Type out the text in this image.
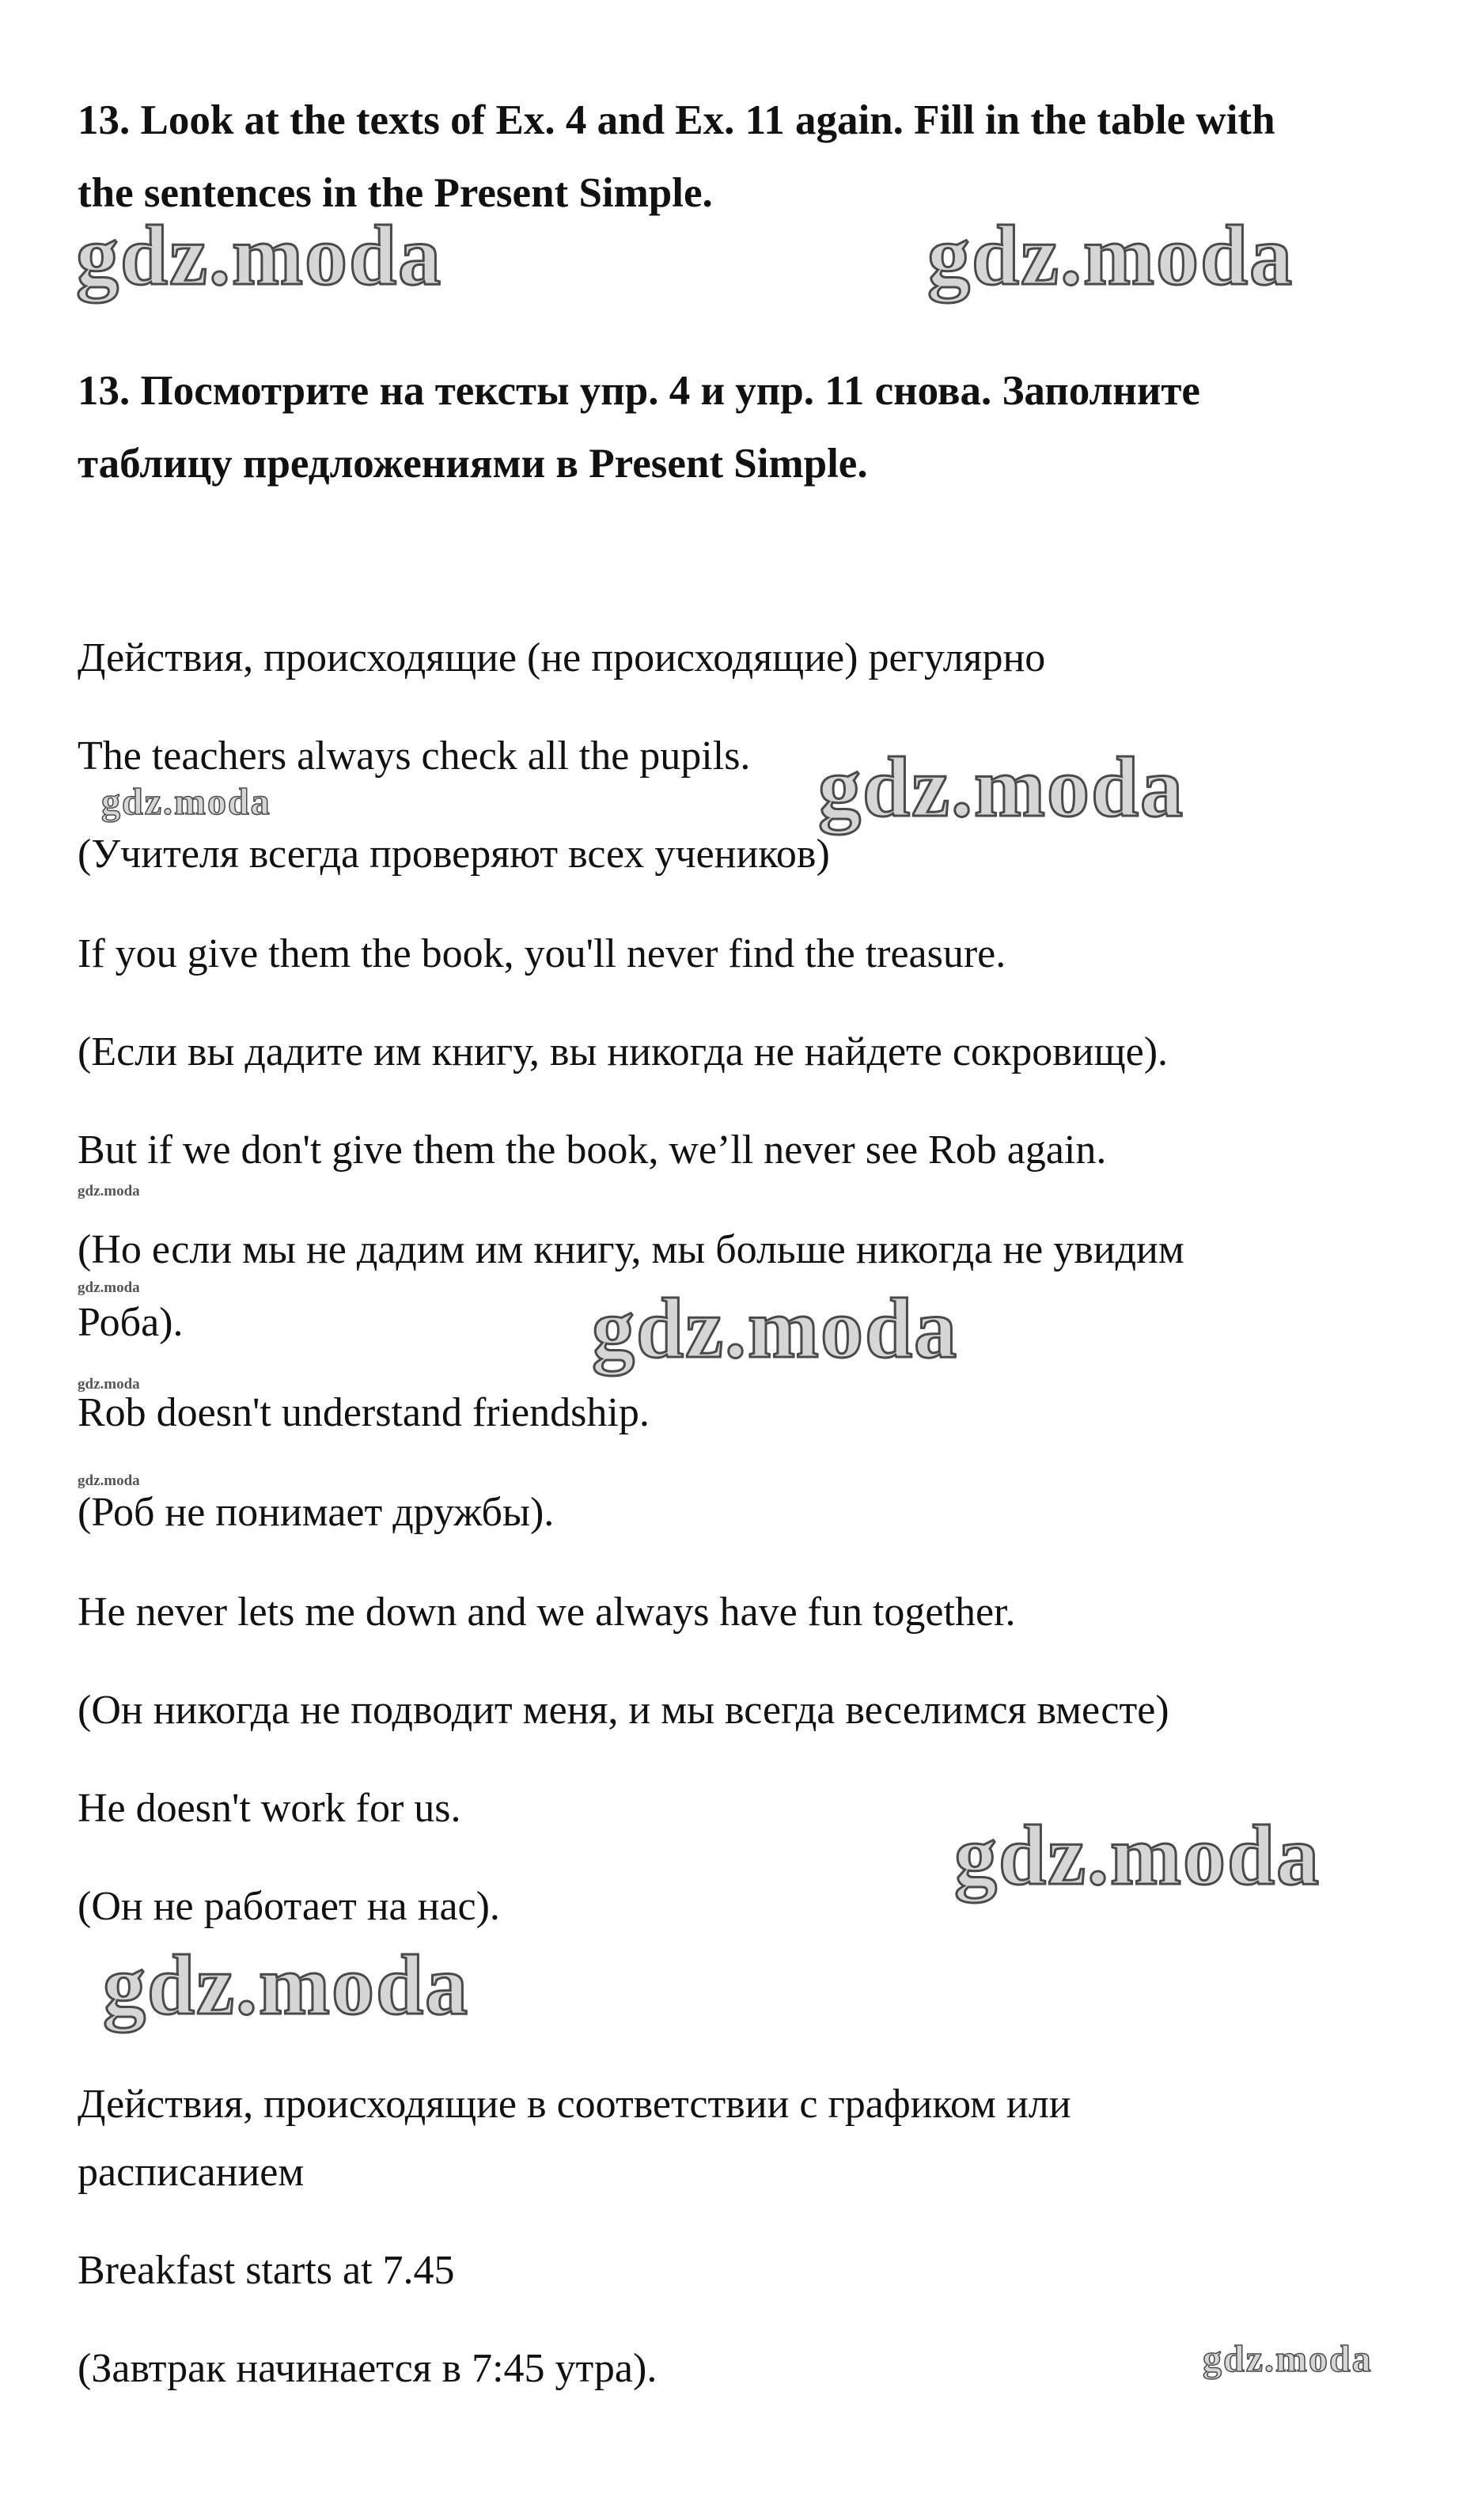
13. Look at the texts of Ex. 4 and Ex. 11 again. Fill in the table with

the sentences in the Present Simple.

13. Посмотрите на тексты упр. 4 и упр. 11 снова. Заполните

таблицу предложениями в Present Simple.

Действия, происходящие (не происходящие) регулярно

The teachers always check all the pupils.

(Учителя всегда проверяют всех учеников)

If you give them the book, you'll never find the treasure.

(Если вы дадите им книгу, вы никогда не найдете сокровище).

But if we don't give them the book, we’ll never see Rob again.

(Но если мы не дадим им книгу, мы больше никогда не увидим

Роба).

Rob doesn't understand friendship.

(Роб не понимает дружбы).

He never lets me down and we always have fun together.

(Он никогда не подводит меня, и мы всегда веселимся вместе)

He doesn't work for us.

(Он не работает на нас).

Действия, происходящие в соответствии с графиком или

расписанием

Breakfast starts at 7.45

(Завтрак начинается в 7:45 утра).

gdz.moda	gdz.moda
gdz.moda	gdz.moda
gdz.moda
gdz.moda	gdz.moda
gdz.moda
gdz.moda
gdz.moda
gdz.moda
gdz.moda
